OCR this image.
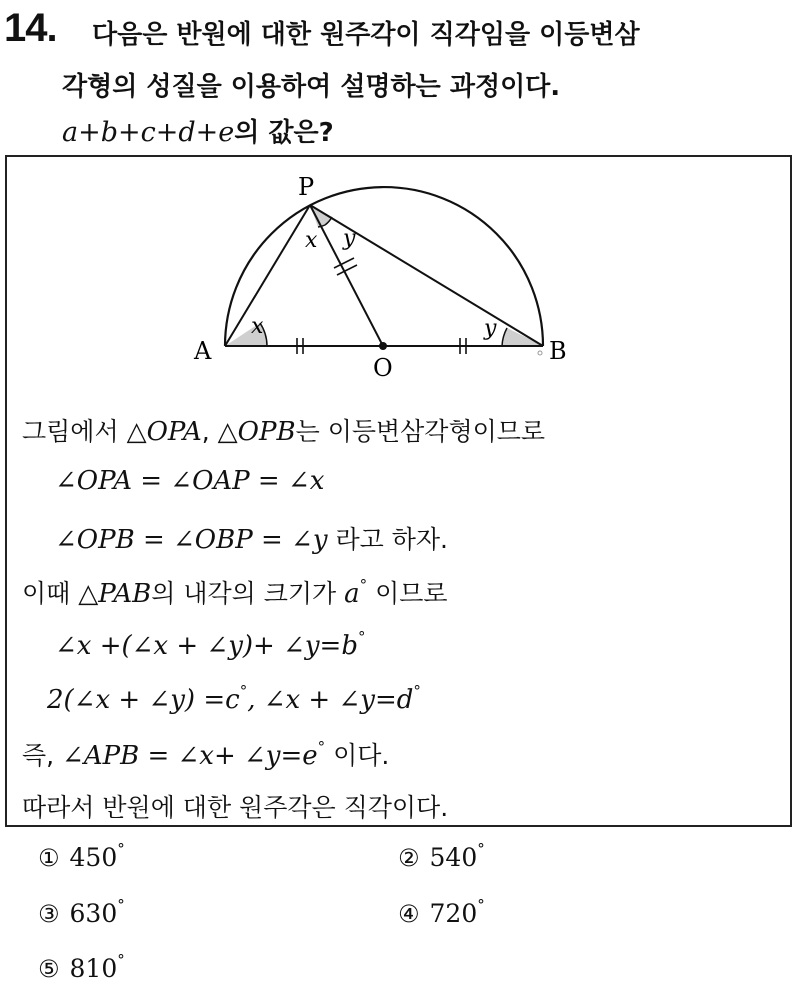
14. 다음은 반원에 대한 원주각이 직각임을 이등변삼
각형의 성질을 이용하여 설명하는 과정이다.
a+b+c+d+e의 값은?
P
A	B
O
x y
x	y
그림에서 △OPA, △OPB는 이등변삼각형이므로
∠OPA = ∠OAP = ∠x
∠OPB = ∠OBP = ∠y 라고 하자.
이때 △PAB의 내각의 크기가 a° 이므로
∠x +(∠x + ∠y)+ ∠y=b°
2(∠x + ∠y) =c°, ∠x + ∠y=d°
즉, ∠APB = ∠x+ ∠y=e° 이다.
따라서 반원에 대한 원주각은 직각이다.
① 450°	② 540°
③ 630°	④ 720°
⑤ 810°
